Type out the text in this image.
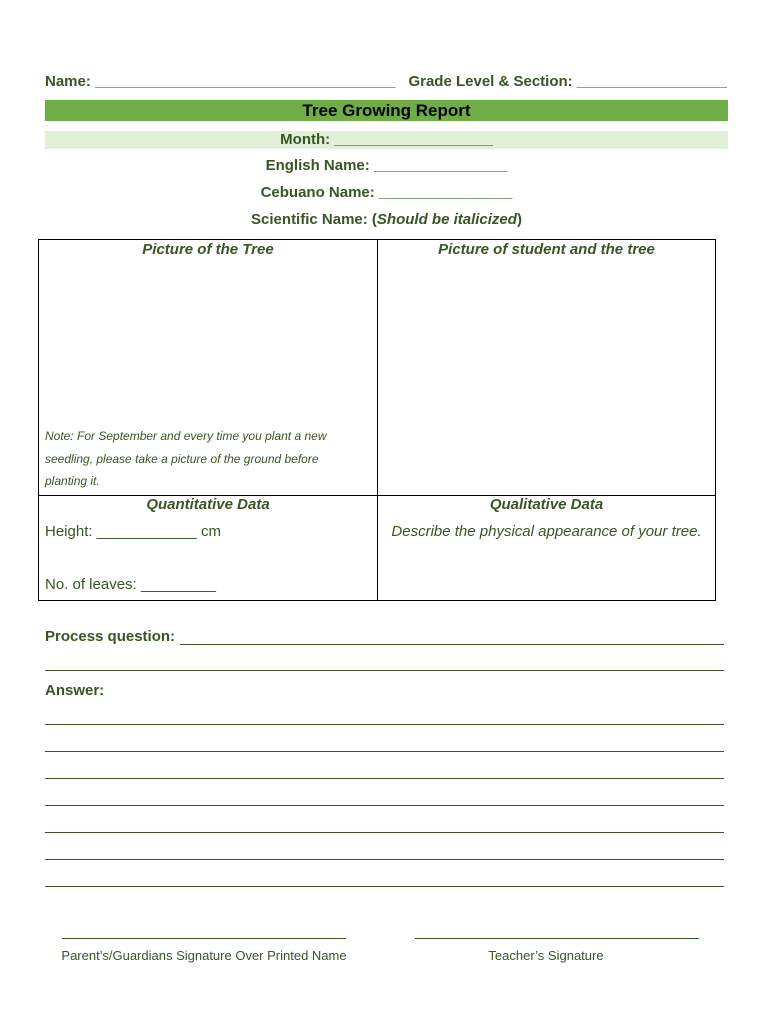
Name: ____________________________________ Grade Level & Section: __________________
Tree Growing Report
Month: ___________________
English Name: ________________
Cebuano Name: ________________
Scientific Name: (Should be italicized)
Picture of the Tree	Picture of student and the tree
Note: For September and every time you plant a new
seedling, please take a picture of the ground before
planting it.
Quantitative Data	Qualitative Data
Height: ____________ cm
No. of leaves: _________
Describe the physical appearance of your tree.
Process question:
Answer:
Parent’s/Guardians Signature Over Printed Name	Teacher’s Signature
